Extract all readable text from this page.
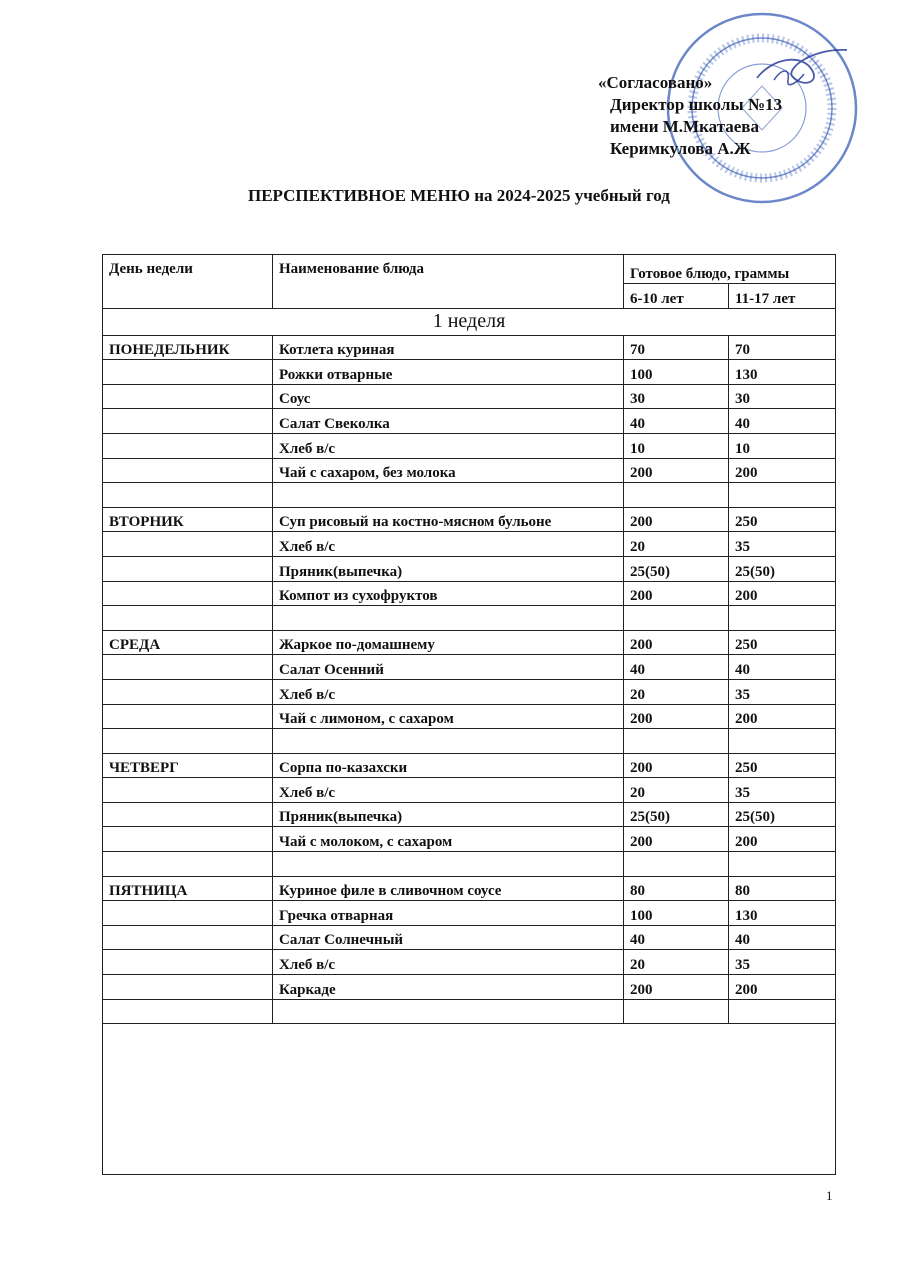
«Согласовано»
Директор школы №13
имени М.Мкатаева
Керимкулова А.Ж
ПЕРСПЕКТИВНОЕ МЕНЮ на 2024-2025 учебный год
День недели	Наименование блюда	Готовое блюдо, граммы	
		6-10 лет	11-17 лет
1 неделя			
ПОНЕДЕЛЬНИК	Котлета куриная	70	70
	Рожки отварные	100	130
	Соус	30	30
	Салат Свеколка	40	40
	Хлеб в/с	10	10
	Чай с сахаром, без молока	200	200

ВТОРНИК	Суп рисовый на костно-мясном бульоне	200	250
	Хлеб в/с	20	35
	Пряник(выпечка)	25(50)	25(50)
	Компот из сухофруктов	200	200

СРЕДА	Жаркое по-домашнему	200	250
	Салат Осенний	40	40
	Хлеб в/с	20	35
	Чай с лимоном, с сахаром	200	200

ЧЕТВЕРГ	Сорпа по-казахски	200	250
	Хлеб в/с	20	35
	Пряник(выпечка)	25(50)	25(50)
	Чай с молоком, с сахаром	200	200

ПЯТНИЦА	Куриное филе в сливочном соусе	80	80
	Гречка отварная	100	130
	Салат Солнечный	40	40
	Хлеб в/с	20	35
	Каркаде	200	200

1
